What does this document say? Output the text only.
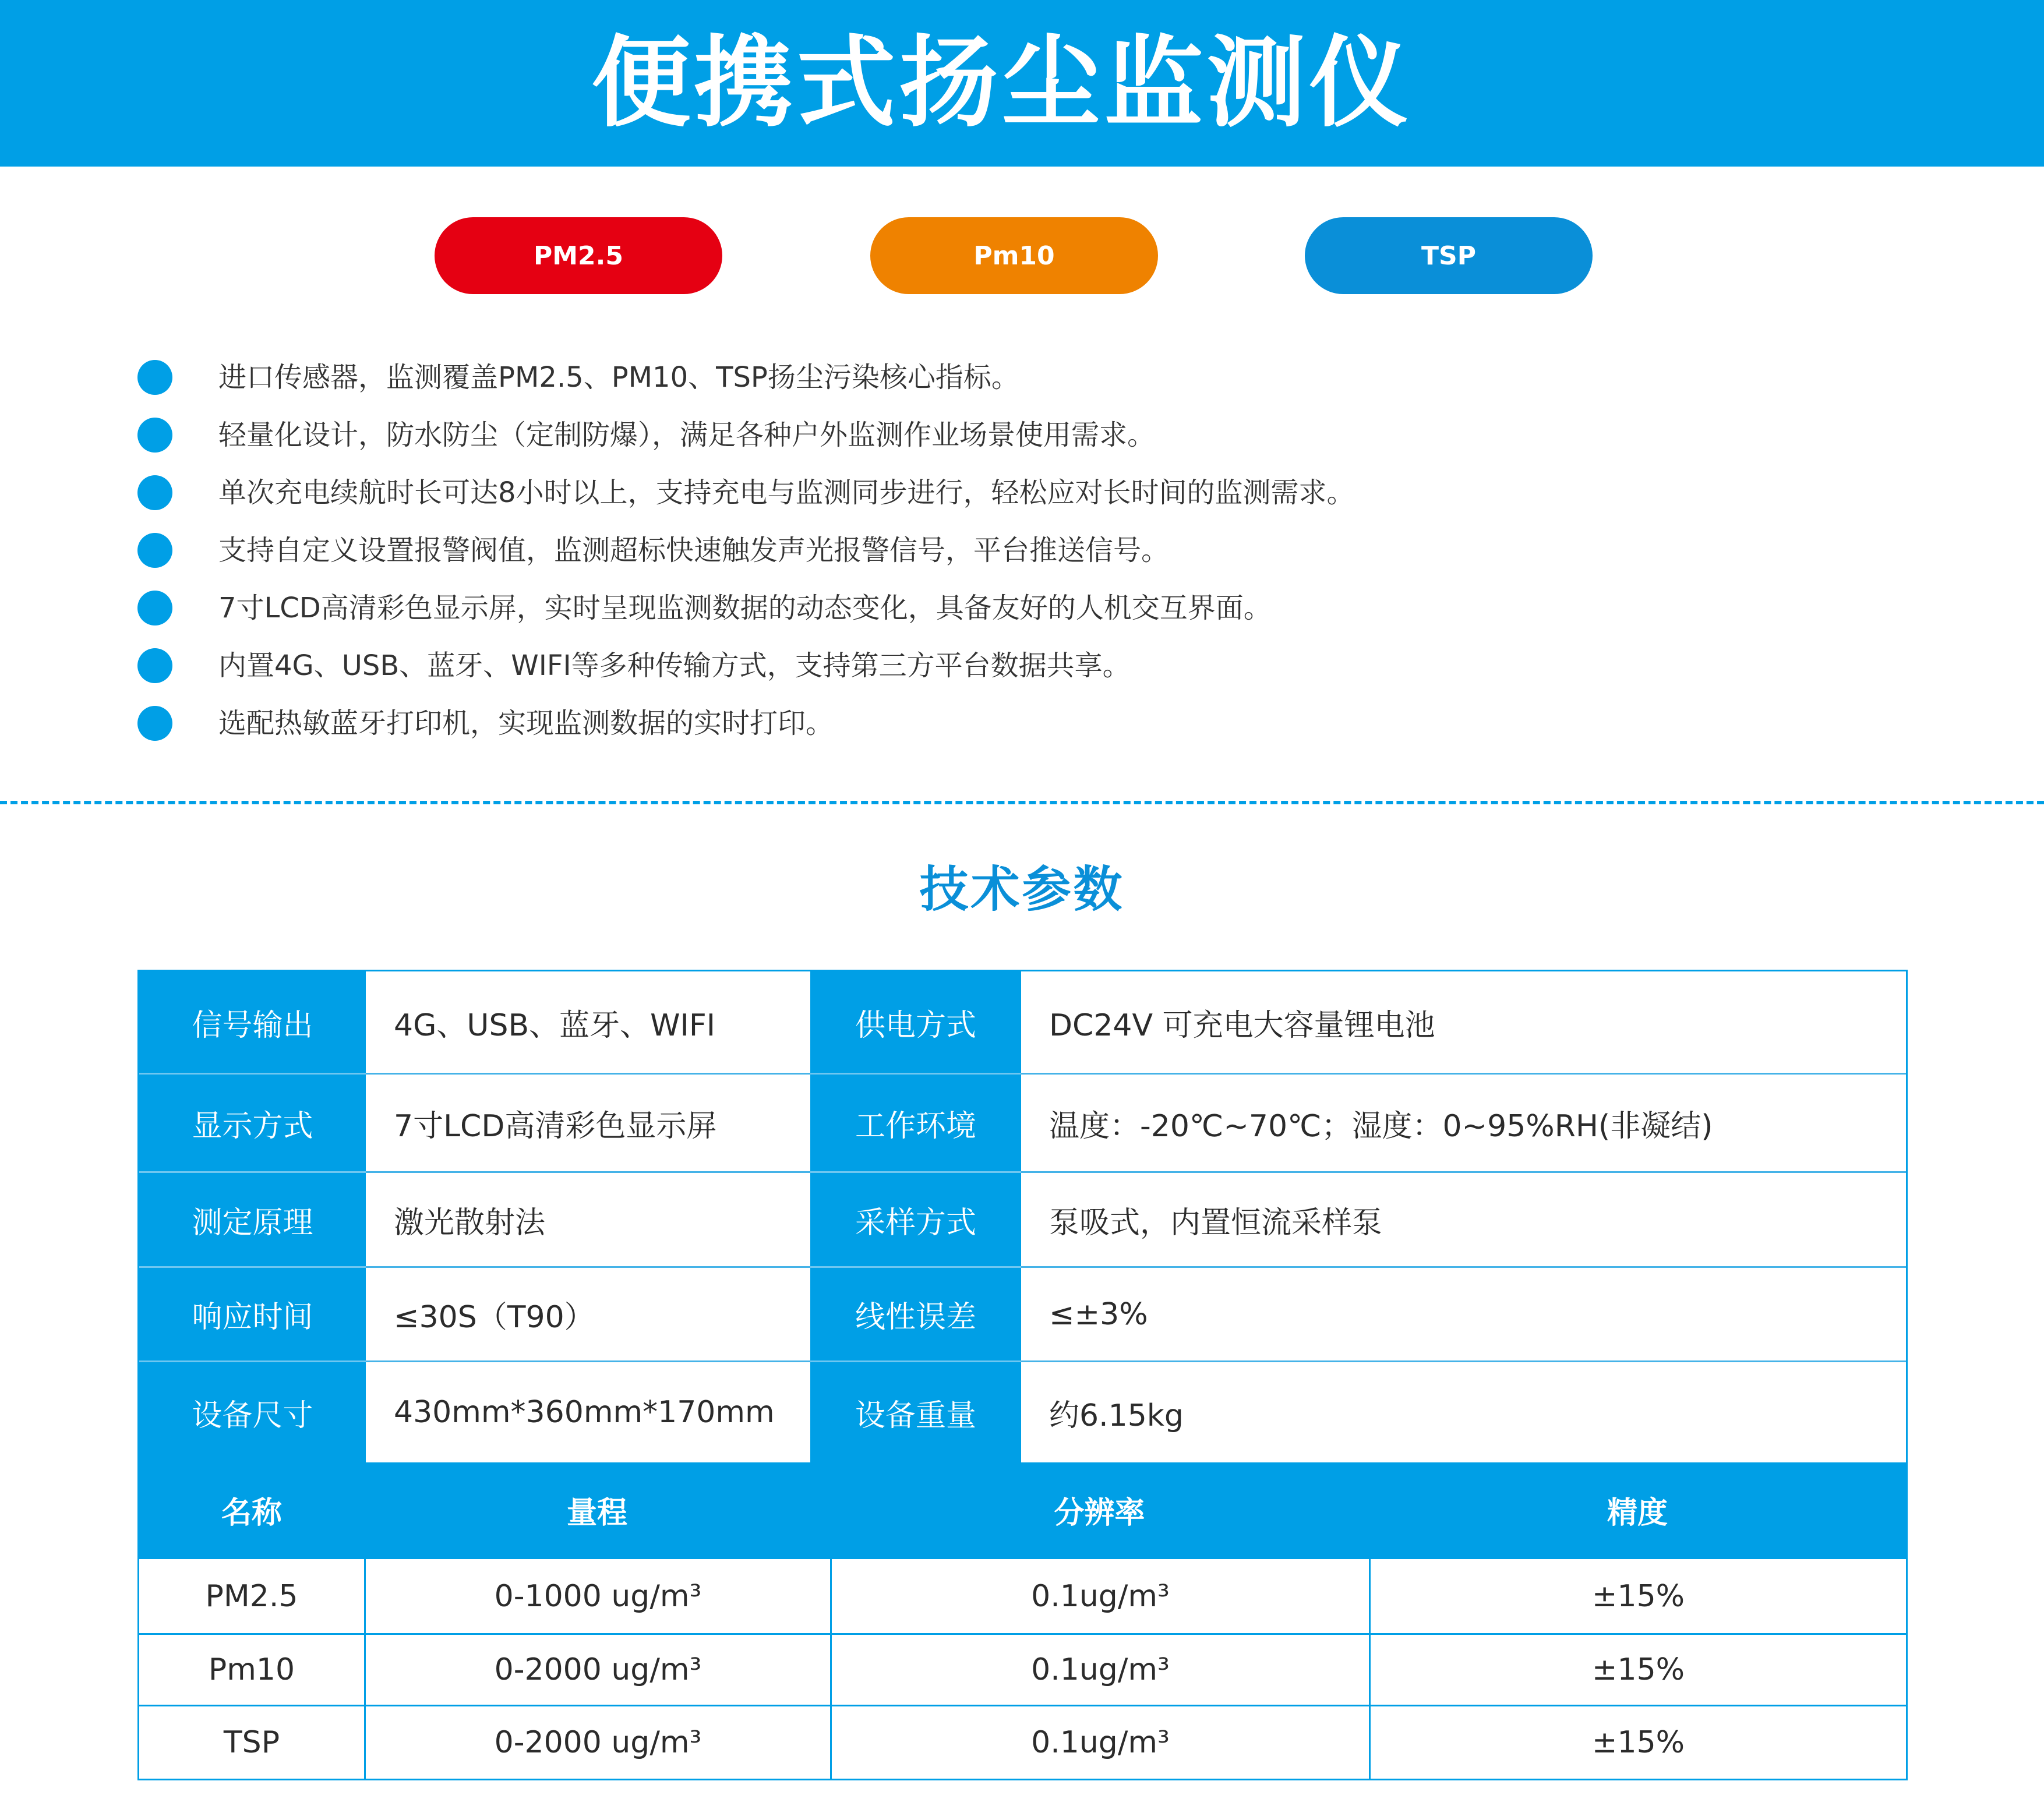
便携式扬尘监测仪
PM2.5	Pm10	TSP
进口传感器，监测覆盖PM2.5、PM10、TSP扬尘污染核心指标。
轻量化设计，防水防尘（定制防爆），满足各种户外监测作业场景使用需求。
单次充电续航时长可达8小时以上，支持充电与监测同步进行，轻松应对长时间的监测需求。
支持自定义设置报警阀值，监测超标快速触发声光报警信号，平台推送信号。
7寸LCD高清彩色显示屏，实时呈现监测数据的动态变化，具备友好的人机交互界面。
内置4G、USB、蓝牙、WIFI等多种传输方式，支持第三方平台数据共享。
选配热敏蓝牙打印机，实现监测数据的实时打印。
技术参数
信号输出	4G、USB、蓝牙、WIFI	供电方式	DC24V 可充电大容量锂电池
显示方式	7寸LCD高清彩色显示屏	工作环境	温度：-20℃~70℃；湿度：0~95%RH(非凝结)
测定原理	激光散射法	采样方式	泵吸式，内置恒流采样泵
响应时间	≤30S（T90）	线性误差	≤±3%
设备尺寸	430mm*360mm*170mm	设备重量	约6.15kg
名称	量程	分辨率	精度
PM2.5	0-1000 ug/m³	0.1ug/m³	±15%
Pm10	0-2000 ug/m³	0.1ug/m³	±15%
TSP	0-2000 ug/m³	0.1ug/m³	±15%
